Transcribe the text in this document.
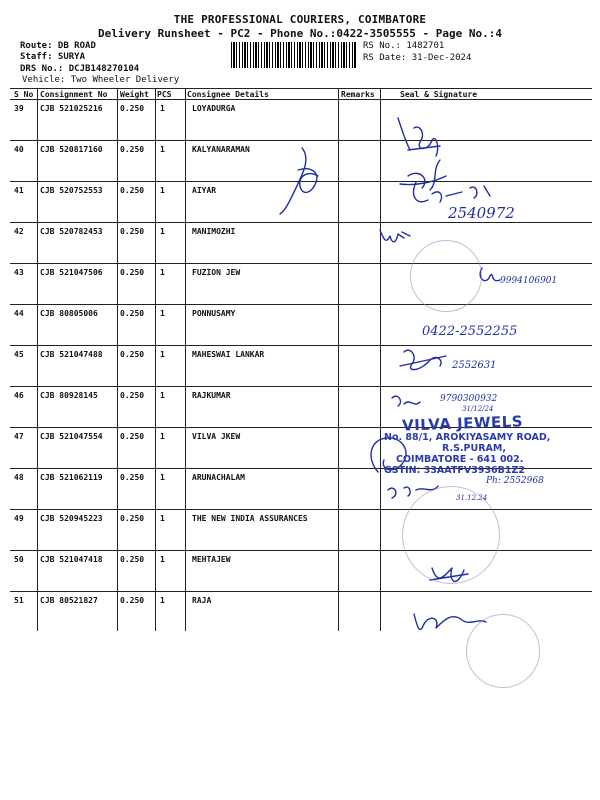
THE PROFESSIONAL COURIERS, COIMBATORE
Delivery Runsheet - PC2 - Phone No.:0422-3505555 - Page No.:4
Route: DB ROAD
Staff: SURYA
DRS No.: DCJB148270104
Vehicle: Two Wheeler Delivery
RS No.: 1482701
RS Date: 31-Dec-2024
S No Consignment No Weight PCS Consignee Details	Remarks	Seal & Signature
39 CJB 521025216 0.250 1	LOYADURGA
40 CJB 520817160 0.250 1	KALYANARAMAN
41 CJB 520752553 0.250 1	AIYAR
42 CJB 520782453 0.250 1	MANIMOZHI
43 CJB 521047506 0.250 1	FUZION JEW
44 CJB 80805006	0.250 1	PONNUSAMY
45 CJB 521047488 0.250 1	MAHESWAI LANKAR
46 CJB 80928145	0.250 1	RAJKUMAR
47 CJB 521047554 0.250 1	VILVA JKEW
48 CJB 521062119 0.250 1	ARUNACHALAM
49 CJB 520945223 0.250 1	THE NEW INDIA ASSURANCES
50 CJB 521047418 0.250 1	MEHTAJEW
51 CJB 80521827	0.250 1	RAJA
2540972
9994106901
0422-2552255
2552631
9790300932
31/12/24
Ph: 2552968
31.12.24
VILVA JEWELS
No. 88/1, AROKIYASAMY ROAD,
R.S.PURAM,
COIMBATORE - 641 002.
GSTIN: 33AATFV3936B1Z2
